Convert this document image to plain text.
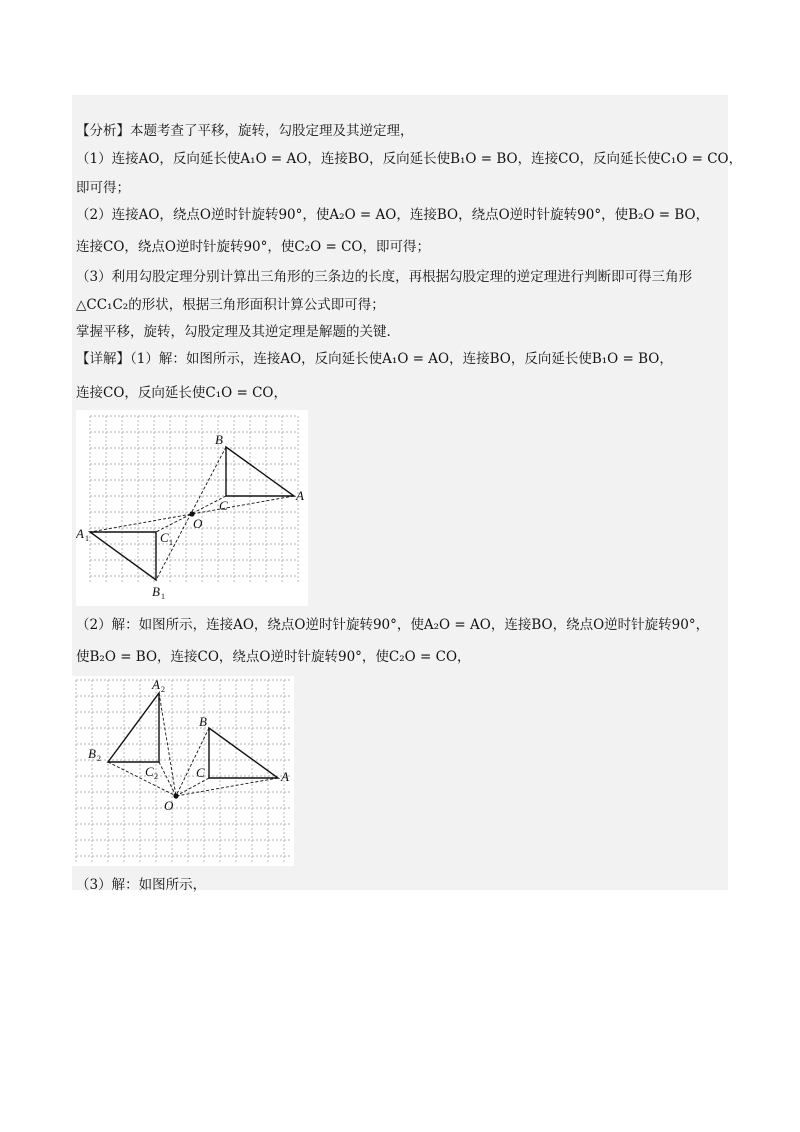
【分析】本题考查了平移，旋转，勾股定理及其逆定理，
（1）连接AO，反向延长使A₁O = AO，连接BO，反向延长使B₁O = BO，连接CO，反向延长使C₁O = CO，
即可得；
（2）连接AO，绕点O逆时针旋转90°，使A₂O = AO，连接BO，绕点O逆时针旋转90°，使B₂O = BO，
连接CO，绕点O逆时针旋转90°，使C₂O = CO，即可得；
（3）利用勾股定理分别计算出三角形的三条边的长度，再根据勾股定理的逆定理进行判断即可得三角形
△CC₁C₂的形状，根据三角形面积计算公式即可得；
掌握平移，旋转，勾股定理及其逆定理是解题的关键.
【详解】（1）解：如图所示，连接AO，反向延长使A₁O = AO，连接BO，反向延长使B₁O = BO，
连接CO，反向延长使C₁O = CO，
B
A
C
O
A 1	C 1
B 1
（2）解：如图所示，连接AO，绕点O逆时针旋转90°，使A₂O = AO，连接BO，绕点O逆时针旋转90°，
使B₂O = BO，连接CO，绕点O逆时针旋转90°，使C₂O = CO，
A 2
B
B 2
C 2	C	A
O
（3）解：如图所示，
